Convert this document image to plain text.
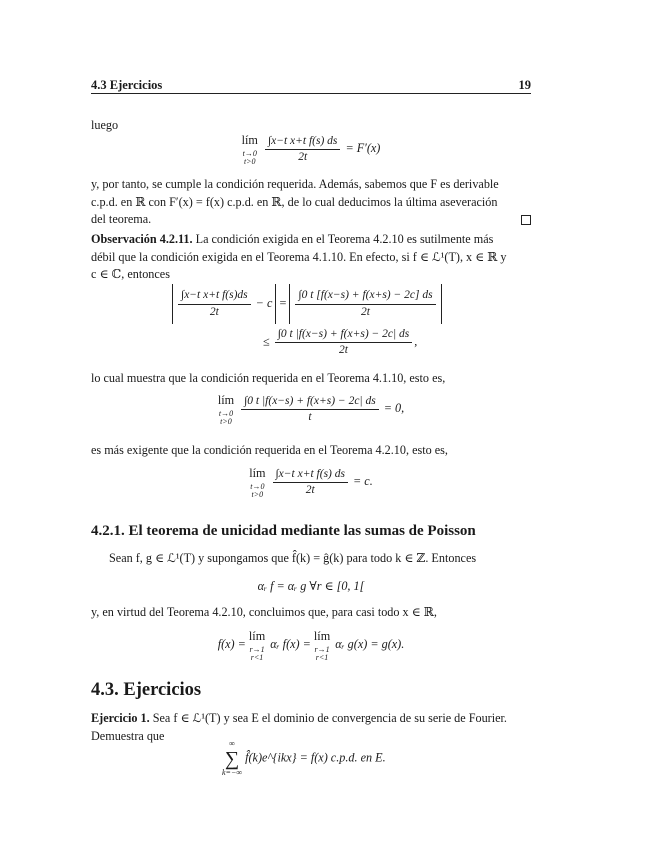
4.3 Ejercicios	19
luego
lím
t→0
t>0
$\frac{\text{∫x−t x+t f(s) ds}}{2t} = F'(x)$
y, por tanto, se cumple la condición requerida. Además, sabemos que F es derivable
c.p.d. en ℝ con F′(x) = f(x) c.p.d. en ℝ, de lo cual deducimos la última aseveración
del teorema.
Observación 4.2.11. La condición exigida en el Teorema 4.2.10 es sutilmente más
débil que la condición exigida en el Teorema 4.1.10. En efecto, si f ∈ ℒ¹(T), x ∈ ℝ y
c ∈ ℂ, entonces

$\frac{\text{∫x−t x+t f(s)ds}}{2t} - c = \frac{\int 0 t [f(x-s) + f(x+s) - 2c] ds}{2t}$

≤ $\frac{\int 0 t |f(x-s) + f(x+s) - 2c| ds}{2t}$ ,
lo cual muestra que la condición requerida en el Teorema 4.1.10, esto es,
lím
t→0
t>0
$\frac{\int 0 t |f(x-s) + f(x+s) - 2c| ds}{t} = 0$,
es más exigente que la condición requerida en el Teorema 4.2.10, esto es,
lím
t→0
t>0
$\frac{\text{∫x−t x+t f(s) ds}}{2t} = c$.
4.2.1. El teorema de unicidad mediante las sumas de Poisson
Sean f, g ∈ ℒ¹(T) y supongamos que f̂(k) = ĝ(k) para todo k ∈ ℤ. Entonces
αᵣ f = αᵣ g ∀r ∈ [0, 1[
y, en virtud del Teorema 4.2.10, concluimos que, para casi todo x ∈ ℝ,
f(x) =
lím
r→1
r<1
αᵣ f(x) =
lím
r→1
r<1
αᵣ g(x) = g(x).
4.3. Ejercicios
Ejercicio 1. Sea f ∈ ℒ¹(T) y sea E el dominio de convergencia de su serie de Fourier.
Demuestra que
∞
∑
k=−∞
f̂(k)e^{ikx} = f(x) c.p.d. en E.
